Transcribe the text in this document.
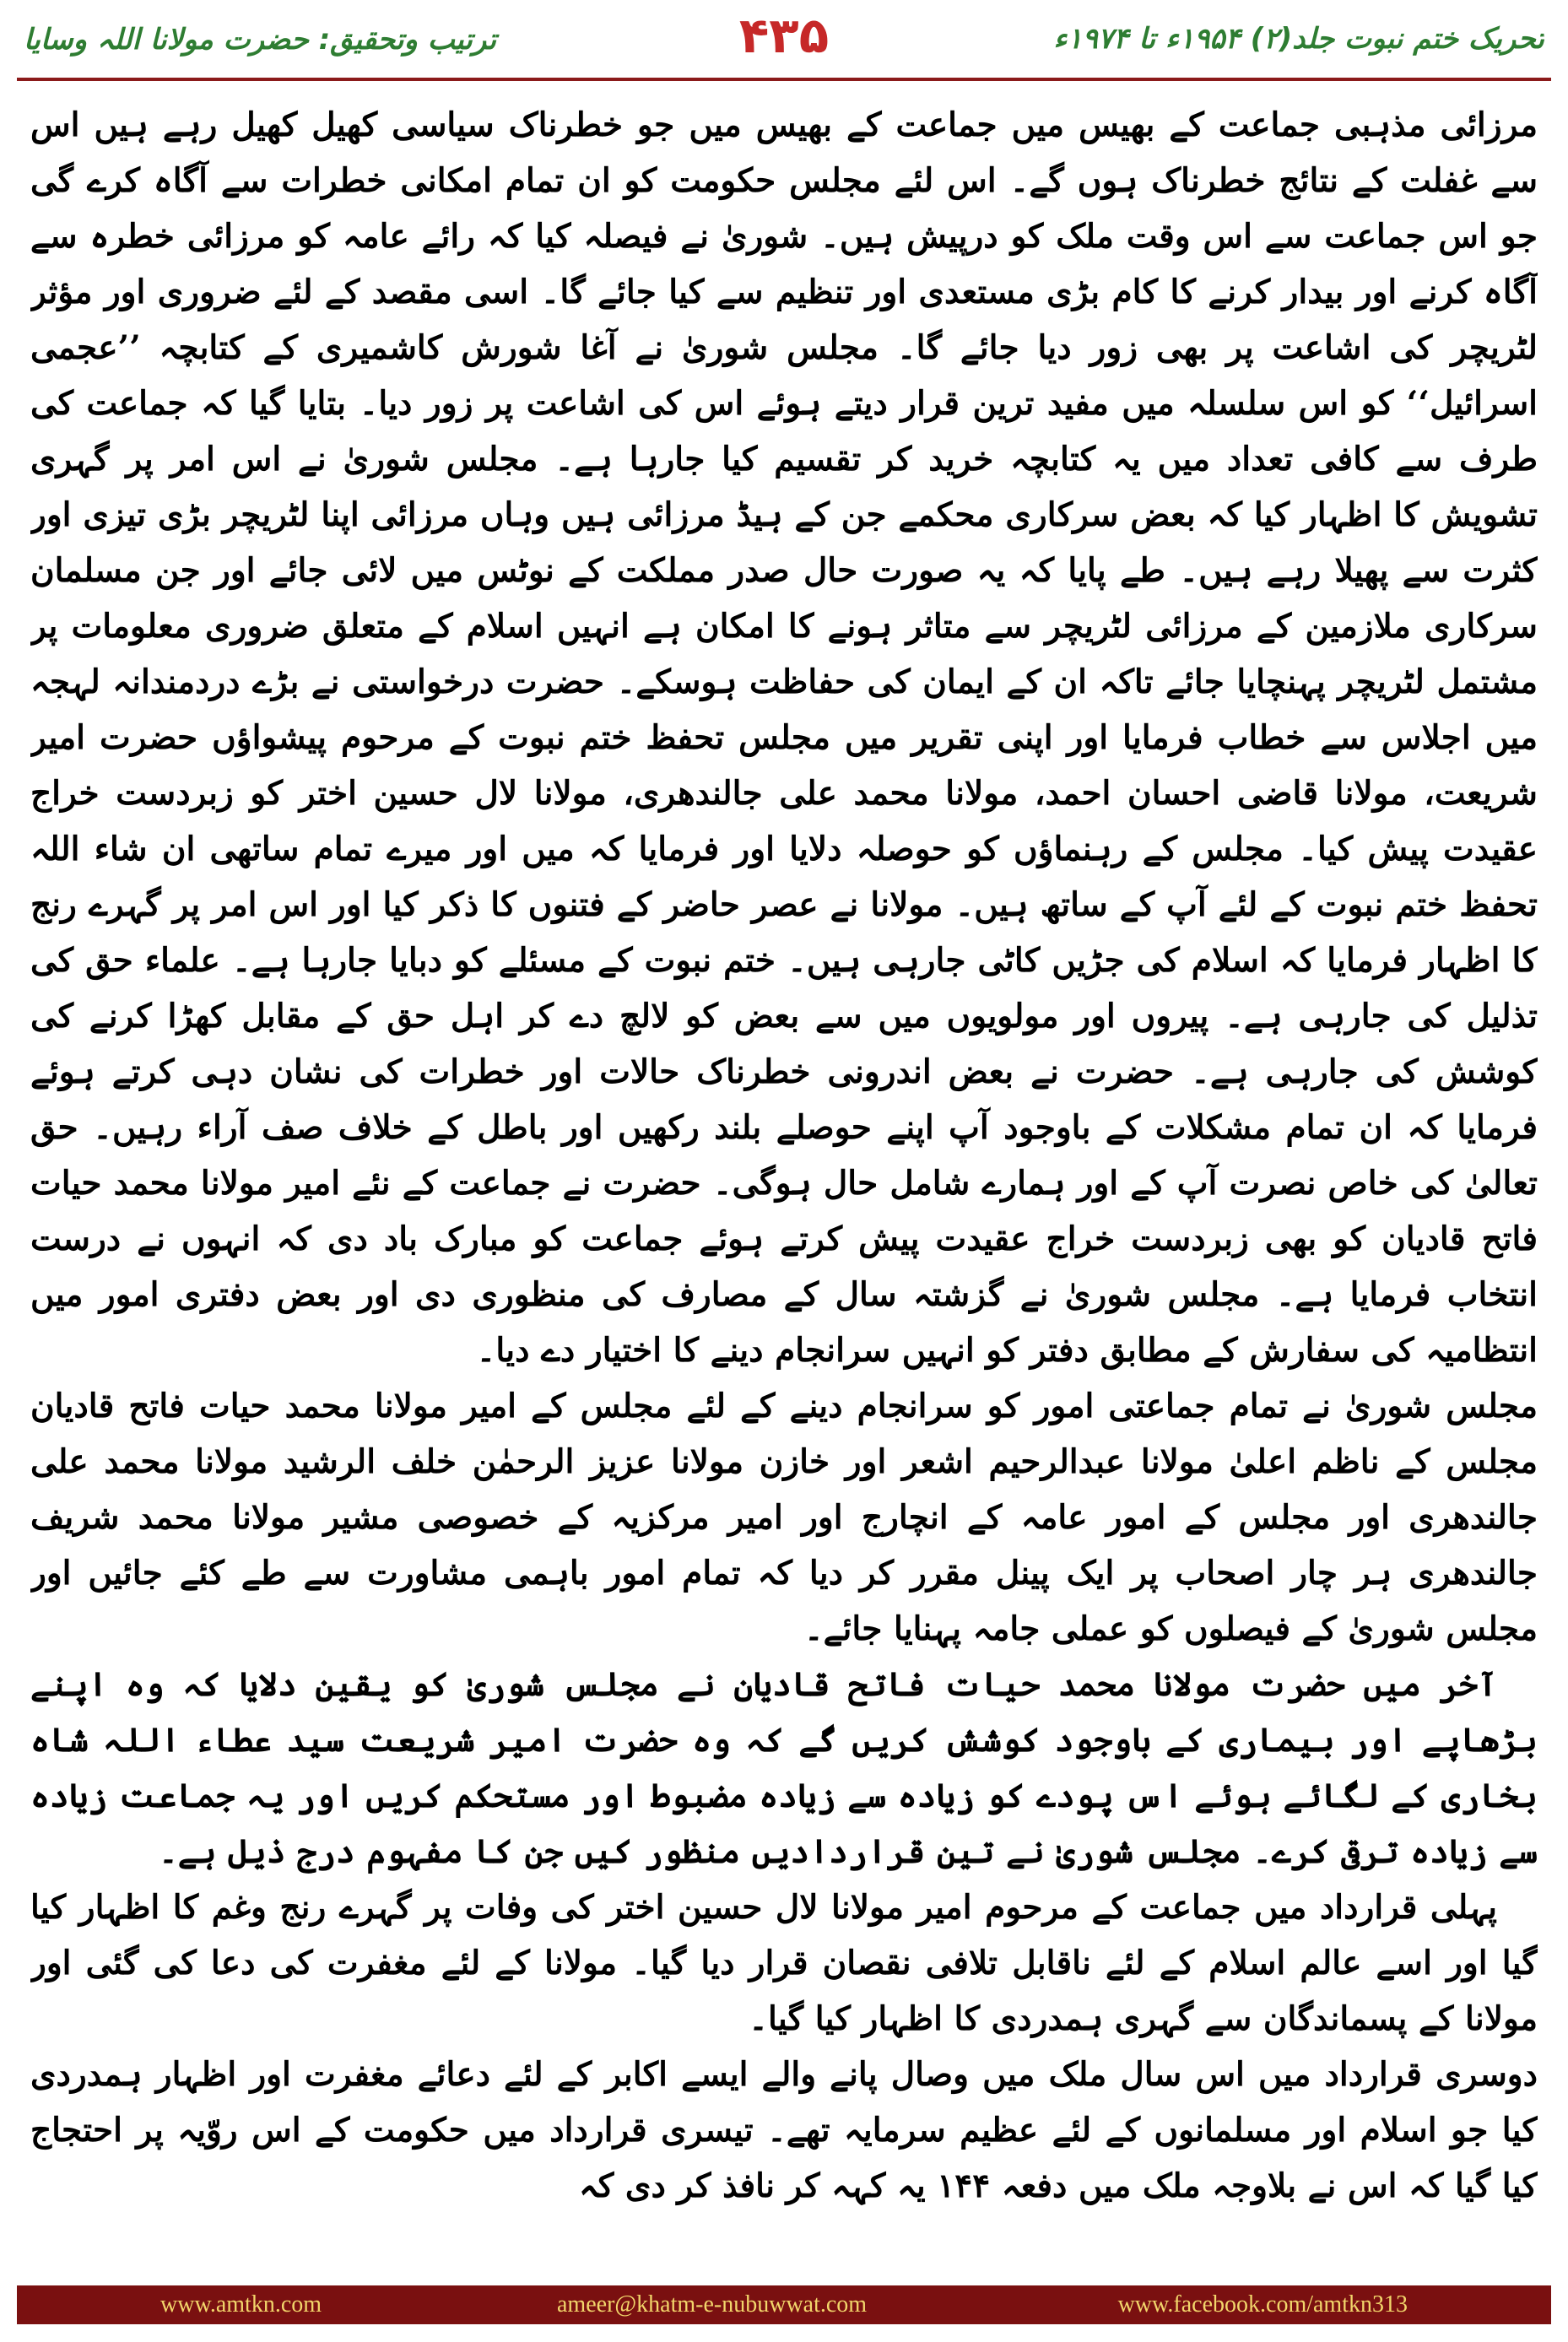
تحریک ختم نبوت جلد(۲) ۱۹۵۴ء تا ۱۹۷۴ء
۴۳۵
ترتیب وتحقیق: حضرت مولانا اللہ وسایا

مرزائی مذہبی جماعت کے بھیس میں جماعت کے بھیس میں جو خطرناک سیاسی کھیل کھیل رہے ہیں اس سے غفلت کے نتائج خطرناک ہوں گے۔ اس لئے مجلس حکومت کو ان تمام امکانی خطرات سے آگاہ کرے گی جو اس جماعت سے اس وقت ملک کو درپیش ہیں۔ شوریٰ نے فیصلہ کیا کہ رائے عامہ کو مرزائی خطرہ سے آگاہ کرنے اور بیدار کرنے کا کام بڑی مستعدی اور تنظیم سے کیا جائے گا۔ اسی مقصد کے لئے ضروری اور مؤثر لٹریچر کی اشاعت پر بھی زور دیا جائے گا۔ مجلس شوریٰ نے آغا شورش کاشمیری کے کتابچہ ’’عجمی اسرائیل‘‘ کو اس سلسلہ میں مفید ترین قرار دیتے ہوئے اس کی اشاعت پر زور دیا۔ بتایا گیا کہ جماعت کی طرف سے کافی تعداد میں یہ کتابچہ خرید کر تقسیم کیا جارہا ہے۔ مجلس شوریٰ نے اس امر پر گہری تشویش کا اظہار کیا کہ بعض سرکاری محکمے جن کے ہیڈ مرزائی ہیں وہاں مرزائی اپنا لٹریچر بڑی تیزی اور کثرت سے پھیلا رہے ہیں۔ طے پایا کہ یہ صورت حال صدر مملکت کے نوٹس میں لائی جائے اور جن مسلمان سرکاری ملازمین کے مرزائی لٹریچر سے متاثر ہونے کا امکان ہے انہیں اسلام کے متعلق ضروری معلومات پر مشتمل لٹریچر پہنچایا جائے تاکہ ان کے ایمان کی حفاظت ہوسکے۔ حضرت درخواستی نے بڑے دردمندانہ لہجہ میں اجلاس سے خطاب فرمایا اور اپنی تقریر میں مجلس تحفظ ختم نبوت کے مرحوم پیشواؤں حضرت امیر شریعت، مولانا قاضی احسان احمد، مولانا محمد علی جالندھری، مولانا لال حسین اختر کو زبردست خراج عقیدت پیش کیا۔ مجلس کے رہنماؤں کو حوصلہ دلایا اور فرمایا کہ میں اور میرے تمام ساتھی ان شاء اللہ تحفظ ختم نبوت کے لئے آپ کے ساتھ ہیں۔ مولانا نے عصر حاضر کے فتنوں کا ذکر کیا اور اس امر پر گہرے رنج کا اظہار فرمایا کہ اسلام کی جڑیں کاٹی جارہی ہیں۔ ختم نبوت کے مسئلے کو دبایا جارہا ہے۔ علماء حق کی تذلیل کی جارہی ہے۔ پیروں اور مولویوں میں سے بعض کو لالچ دے کر اہل حق کے مقابل کھڑا کرنے کی کوشش کی جارہی ہے۔ حضرت نے بعض اندرونی خطرناک حالات اور خطرات کی نشان دہی کرتے ہوئے فرمایا کہ ان تمام مشکلات کے باوجود آپ اپنے حوصلے بلند رکھیں اور باطل کے خلاف صف آراء رہیں۔ حق تعالیٰ کی خاص نصرت آپ کے اور ہمارے شامل حال ہوگی۔ حضرت نے جماعت کے نئے امیر مولانا محمد حیات فاتح قادیان کو بھی زبردست خراج عقیدت پیش کرتے ہوئے جماعت کو مبارک باد دی کہ انہوں نے درست انتخاب فرمایا ہے۔ مجلس شوریٰ نے گزشتہ سال کے مصارف کی منظوری دی اور بعض دفتری امور میں انتظامیہ کی سفارش کے مطابق دفتر کو انہیں سرانجام دینے کا اختیار دے دیا۔

مجلس شوریٰ نے تمام جماعتی امور کو سرانجام دینے کے لئے مجلس کے امیر مولانا محمد حیات فاتح قادیان مجلس کے ناظم اعلیٰ مولانا عبدالرحیم اشعر اور خازن مولانا عزیز الرحمٰن خلف الرشید مولانا محمد علی جالندھری اور مجلس کے امور عامہ کے انچارج اور امیر مرکزیہ کے خصوصی مشیر مولانا محمد شریف جالندھری ہر چار اصحاب پر ایک پینل مقرر کر دیا کہ تمام امور باہمی مشاورت سے طے کئے جائیں اور مجلس شوریٰ کے فیصلوں کو عملی جامہ پہنایا جائے۔

آخر میں حضرت مولانا محمد حیات فاتح قادیان نے مجلس شوریٰ کو یقین دلایا کہ وہ اپنے بڑھاپے اور بیماری کے باوجود کوشش کریں گے کہ وہ حضرت امیر شریعت سید عطاء اللہ شاہ بخاری کے لگائے ہوئے اس پودے کو زیادہ سے زیادہ مضبوط اور مستحکم کریں اور یہ جماعت زیادہ سے زیادہ ترقی کرے۔ مجلس شوریٰ نے تین قراردادیں منظور کیں جن کا مفہوم درج ذیل ہے۔

پہلی قرارداد میں جماعت کے مرحوم امیر مولانا لال حسین اختر کی وفات پر گہرے رنج وغم کا اظہار کیا گیا اور اسے عالم اسلام کے لئے ناقابل تلافی نقصان قرار دیا گیا۔ مولانا کے لئے مغفرت کی دعا کی گئی اور مولانا کے پسماندگان سے گہری ہمدردی کا اظہار کیا گیا۔

دوسری قرارداد میں اس سال ملک میں وصال پانے والے ایسے اکابر کے لئے دعائے مغفرت اور اظہار ہمدردی کیا جو اسلام اور مسلمانوں کے لئے عظیم سرمایہ تھے۔ تیسری قرارداد میں حکومت کے اس روّیہ پر احتجاج کیا گیا کہ اس نے بلاوجہ ملک میں دفعہ ۱۴۴ یہ کہہ کر نافذ کر دی کہ

www.amtkn.com	ameer@khatm-e-nubuwwat.com	www.facebook.com/amtkn313
